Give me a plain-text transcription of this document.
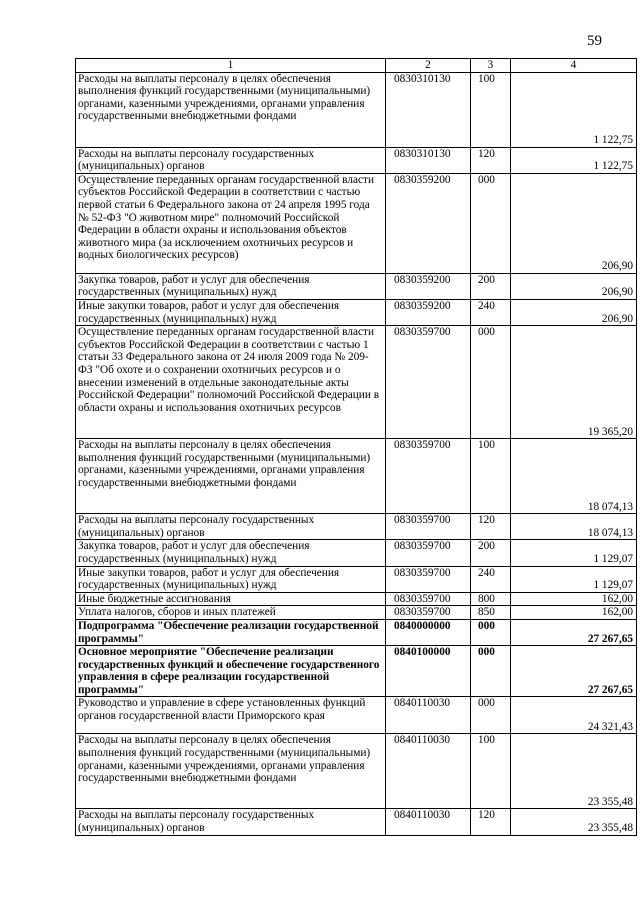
59
1	2	3	4
Расходы на выплаты персоналу в целях обеспечения выполнения функций государственными (муниципальными) органами, казенными учреждениями, органами управления государственными внебюджетными фондами	0830310130	100	1 122,75
Расходы на выплаты персоналу государственных (муниципальных) органов	0830310130	120	1 122,75
Осуществление переданных органам государственной власти субъектов Российской Федерации в соответствии с частью первой статьи 6 Федерального закона от 24 апреля 1995 года № 52-ФЗ "О животном мире" полномочий Российской Федерации в области охраны и использования объектов животного мира (за исключением охотничьих ресурсов и водных биологических ресурсов)	0830359200	000	206,90
Закупка товаров, работ и услуг для обеспечения государственных (муниципальных) нужд	0830359200	200	206,90
Иные закупки товаров, работ и услуг для обеспечения государственных (муниципальных) нужд	0830359200	240	206,90
Осуществление переданных органам государственной власти субъектов Российской Федерации в соответствии с частью 1 статьи 33 Федерального закона от 24 июля 2009 года № 209-ФЗ "Об охоте и о сохранении охотничьих ресурсов и о внесении изменений в отдельные законодательные акты Российской Федерации" полномочий Российской Федерации в области охраны и использования охотничьих ресурсов	0830359700	000	19 365,20
Расходы на выплаты персоналу в целях обеспечения выполнения функций государственными (муниципальными) органами, казенными учреждениями, органами управления государственными внебюджетными фондами	0830359700	100	18 074,13
Расходы на выплаты персоналу государственных (муниципальных) органов	0830359700	120	18 074,13
Закупка товаров, работ и услуг для обеспечения государственных (муниципальных) нужд	0830359700	200	1 129,07
Иные закупки товаров, работ и услуг для обеспечения государственных (муниципальных) нужд	0830359700	240	1 129,07
Иные бюджетные ассигнования	0830359700	800	162,00
Уплата налогов, сборов и иных платежей	0830359700	850	162,00
Подпрограмма "Обеспечение реализации государственной программы"	0840000000	000	27 267,65
Основное мероприятие "Обеспечение реализации государственных функций и обеспечение государственного управления в сфере реализации государственной программы"	0840100000	000	27 267,65
Руководство и управление в сфере установленных функций органов государственной власти Приморского края	0840110030	000	24 321,43
Расходы на выплаты персоналу в целях обеспечения выполнения функций государственными (муниципальными) органами, казенными учреждениями, органами управления государственными внебюджетными фондами	0840110030	100	23 355,48
Расходы на выплаты персоналу государственных (муниципальных) органов	0840110030	120	23 355,48
